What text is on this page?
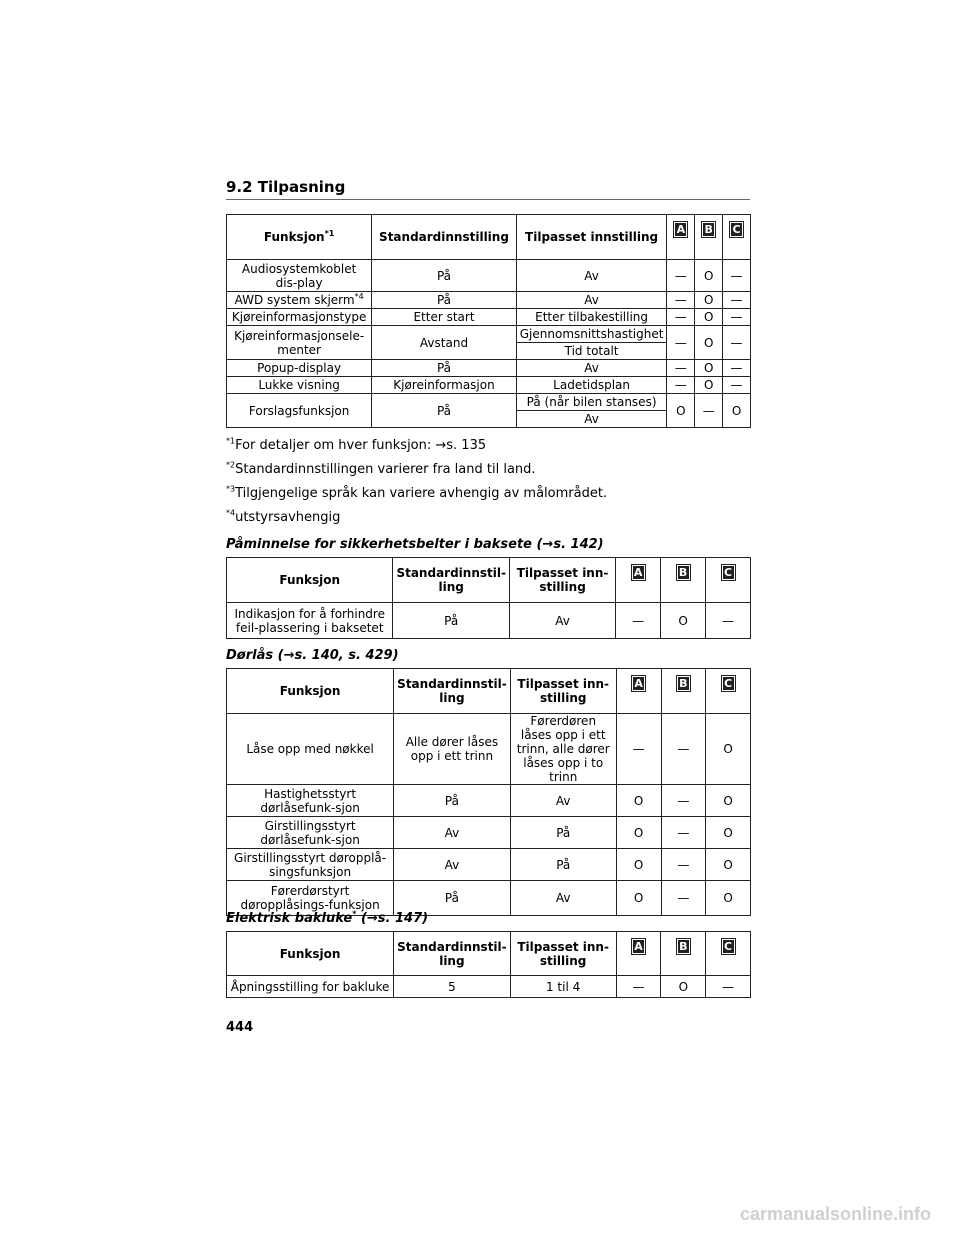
9.2 Tilpasning
Funksjon$^{*1}$	Standardinnstilling	Tilpasset innstilling	A	B	C
Audiosystemkoblet dis-play	På	Av	—	O	—
AWD system skjerm$^{*4}$	På	Av	—	O	—
Kjøreinformasjonstype	Etter start	Etter tilbakestilling	—	O	—
Kjøreinformasjonsele-menter	Avstand	Gjennomsnittshastighet	—	O	—
		Tid totalt			
Popup-display	På	Av	—	O	—
Lukke visning	Kjøreinformasjon	Ladetidsplan	—	O	—
Forslagsfunksjon	På	På (når bilen stanses)	O	—	O
		Av			
$^{*1}$For detaljer om hver funksjon: →s. 135
$^{*2}$Standardinnstillingen varierer fra land til land.
$^{*3}$Tilgjengelige språk kan variere avhengig av målområdet.
$^{*4}$utstyrsavhengig
Påminnelse for sikkerhetsbelter i baksete (→s. 142)
Funksjon	Standardinnstil-ling	Tilpasset inn-stilling	A	B	C
Indikasjon for å forhindre feil-plassering i baksetet	På	Av	—	O	—
Dørlås (→s. 140, s. 429)
Funksjon	Standardinnstil-ling	Tilpasset inn-stilling	A	B	C
Låse opp med nøkkel	Alle dører låses opp i ett trinn	Førerdøren låses opp i ett trinn, alle dører låses opp i to trinn	—	—	O
Hastighetsstyrt dørlåsefunk-sjon	På	Av	O	—	O
Girstillingsstyrt dørlåsefunk-sjon	Av	På	O	—	O
Girstillingsstyrt døropplå-singsfunksjon	Av	På	O	—	O
Førerdørstyrt døropplåsings-funksjon	På	Av	O	—	O
Elektrisk bakluke* (→s. 147)
Funksjon	Standardinnstil-ling	Tilpasset inn-stilling	A	B	C
Åpningsstilling for bakluke	5	1 til 4	—	O	—
444
carmanualsonline.info
